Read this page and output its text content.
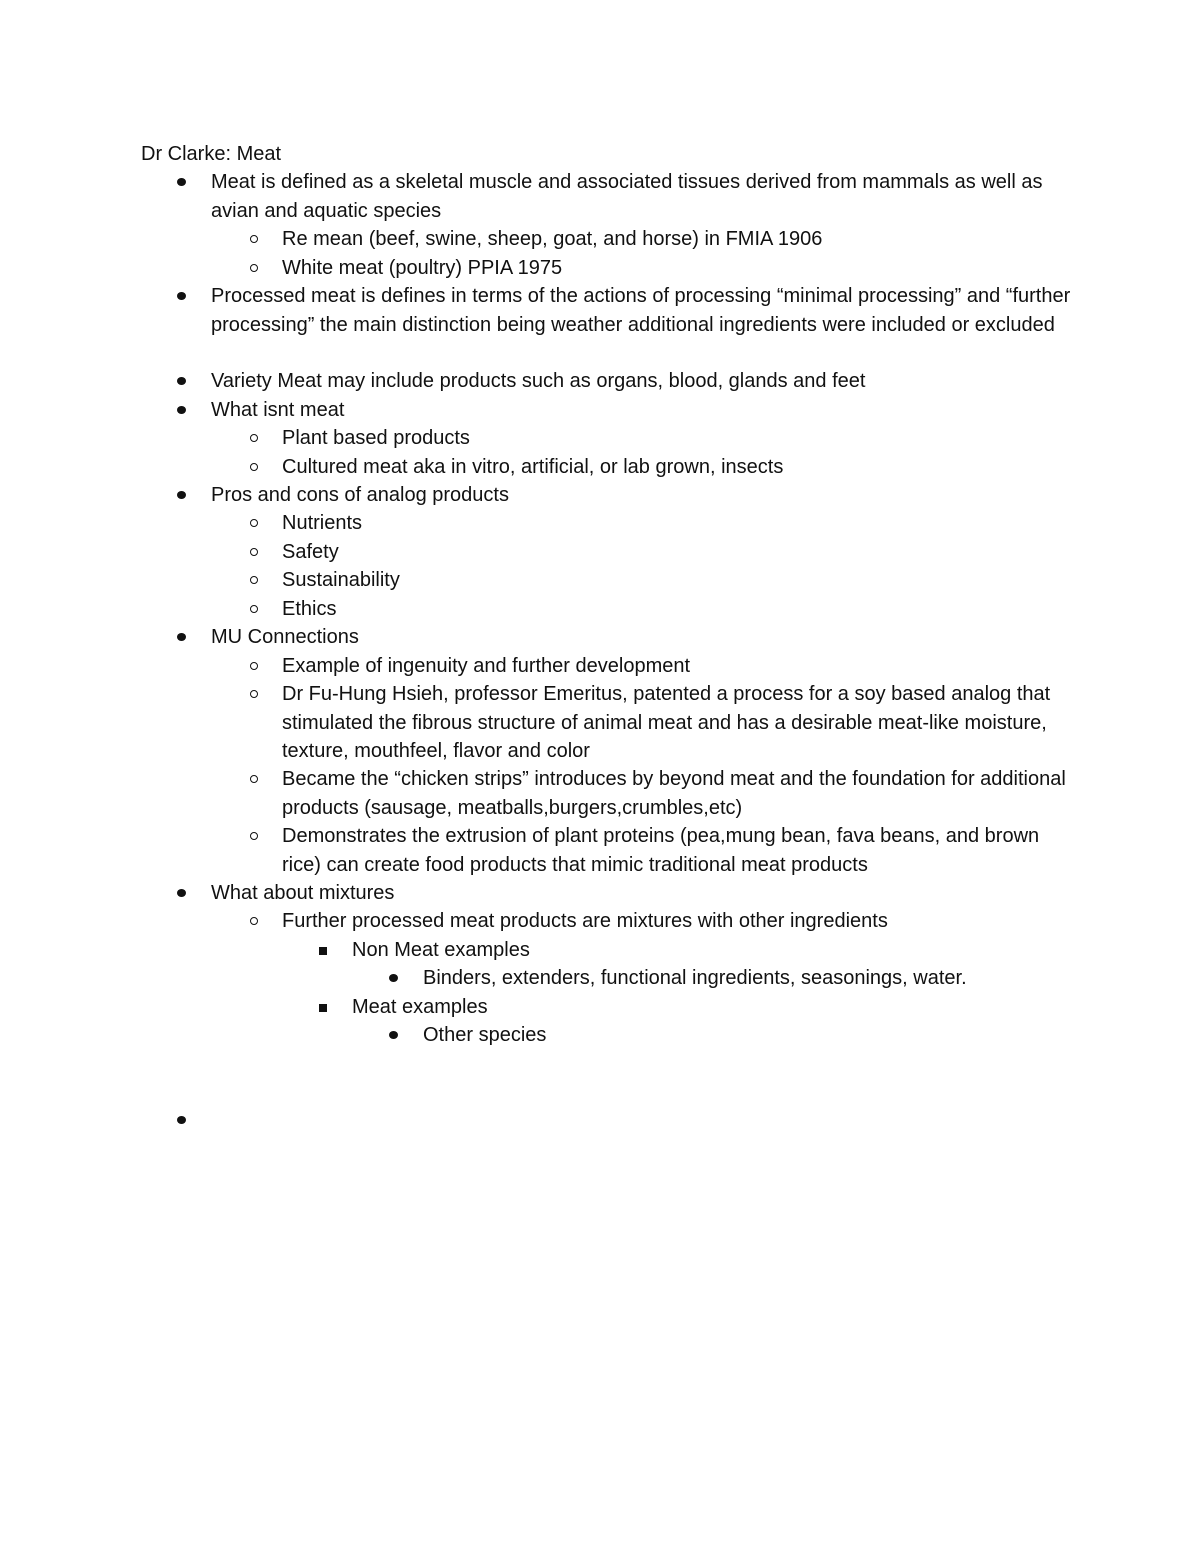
Dr Clarke: Meat
Meat is defined as a skeletal muscle and associated tissues derived from mammals as well as avian and aquatic species
Re mean (beef, swine, sheep, goat, and horse) in FMIA 1906
White meat (poultry) PPIA 1975
Processed meat is defines in terms of the actions of processing “minimal processing” and “further processing” the main distinction being weather additional ingredients were included or excluded
Variety Meat may include products such as organs, blood, glands and feet
What isnt meat
Plant based products
Cultured meat aka in vitro, artificial, or lab grown, insects
Pros and cons of analog products
Nutrients
Safety
Sustainability
Ethics
MU Connections
Example of ingenuity and further development
Dr Fu-Hung Hsieh, professor Emeritus, patented a process for a soy based analog that stimulated the fibrous structure of animal meat and has a desirable meat-like moisture, texture, mouthfeel, flavor and color
Became the “chicken strips” introduces by beyond meat and the foundation for additional products (sausage, meatballs,burgers,crumbles,etc)
Demonstrates the extrusion of plant proteins (pea,mung bean, fava beans, and brown rice) can create food products that mimic traditional meat products
What about mixtures
Further processed meat products are mixtures with other ingredients
Non Meat examples
Binders, extenders, functional ingredients, seasonings, water.
Meat examples
Other species
